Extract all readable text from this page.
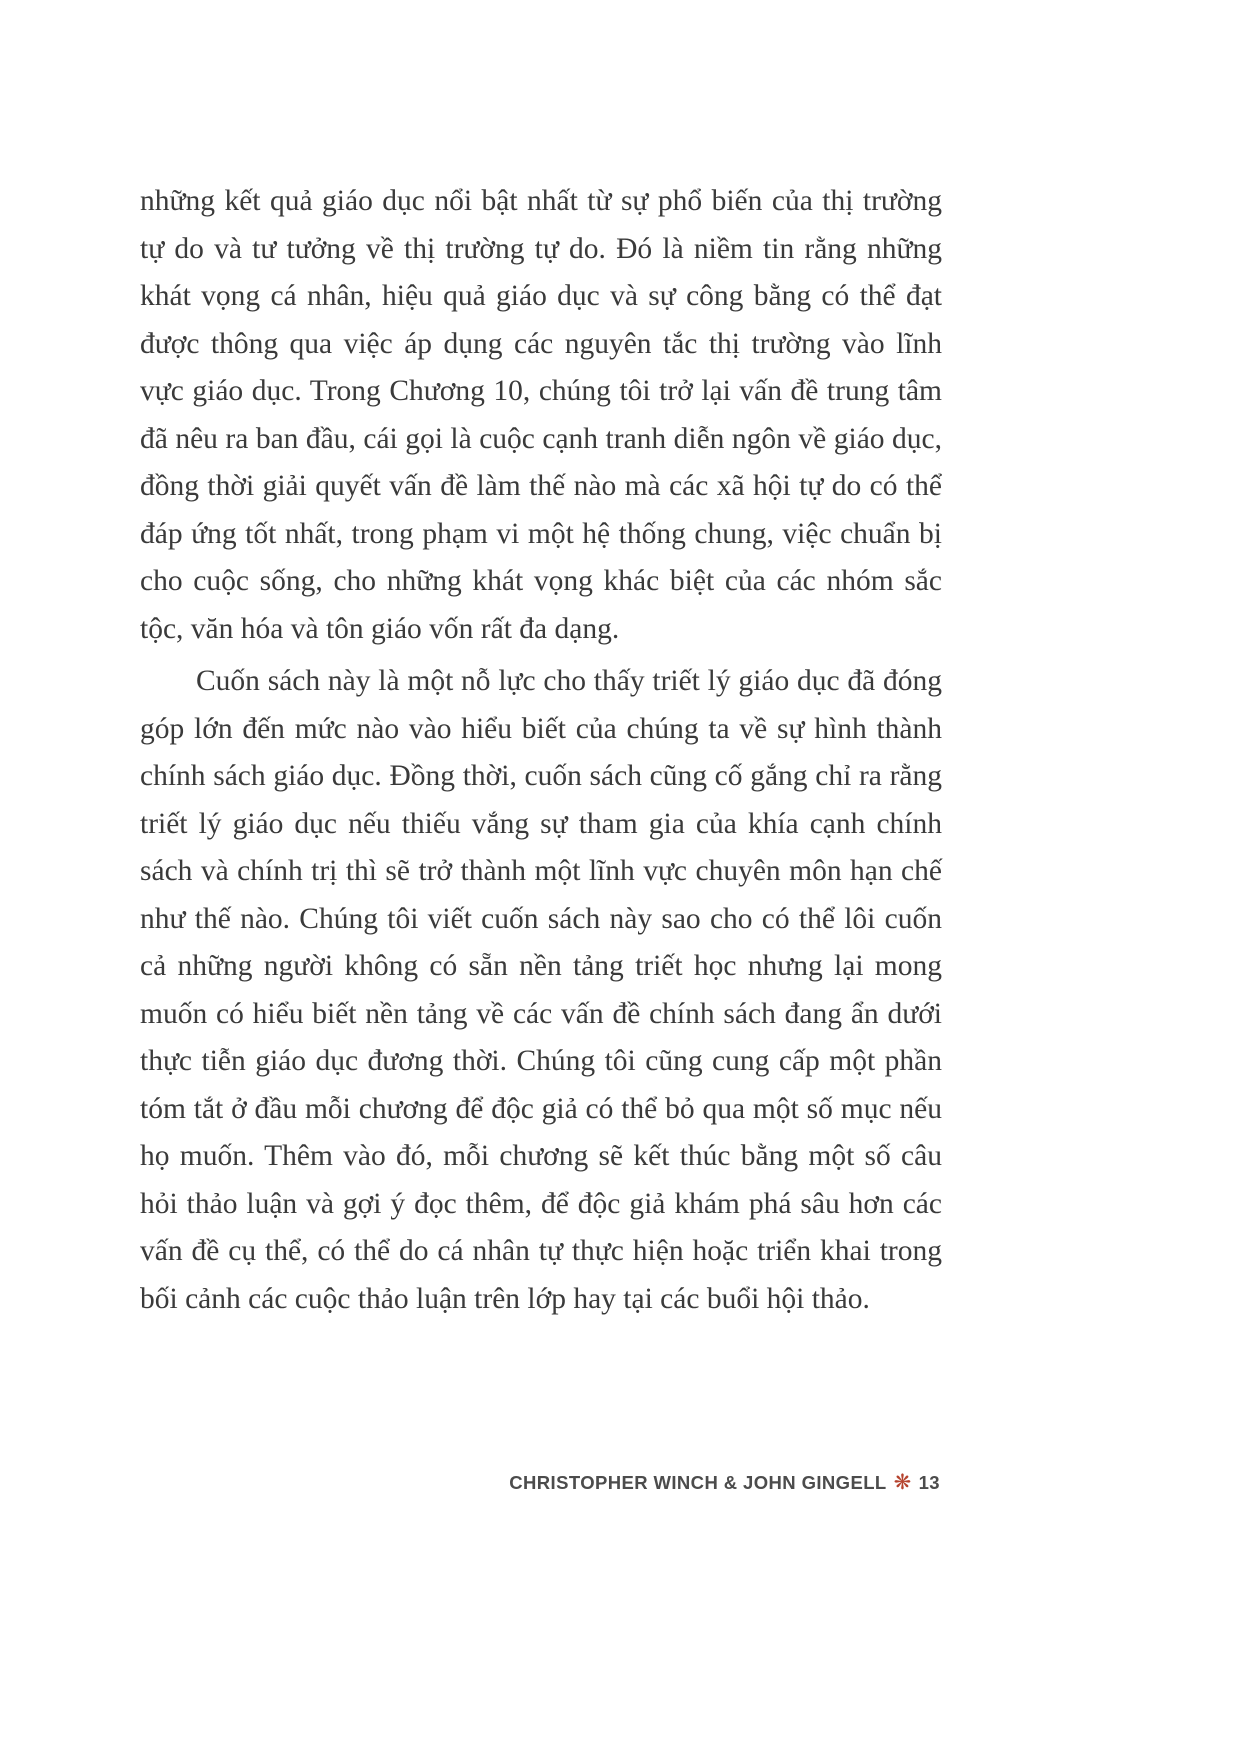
những kết quả giáo dục nổi bật nhất từ sự phổ biến của thị trường tự do và tư tưởng về thị trường tự do. Đó là niềm tin rằng những khát vọng cá nhân, hiệu quả giáo dục và sự công bằng có thể đạt được thông qua việc áp dụng các nguyên tắc thị trường vào lĩnh vực giáo dục. Trong Chương 10, chúng tôi trở lại vấn đề trung tâm đã nêu ra ban đầu, cái gọi là cuộc cạnh tranh diễn ngôn về giáo dục, đồng thời giải quyết vấn đề làm thế nào mà các xã hội tự do có thể đáp ứng tốt nhất, trong phạm vi một hệ thống chung, việc chuẩn bị cho cuộc sống, cho những khát vọng khác biệt của các nhóm sắc tộc, văn hóa và tôn giáo vốn rất đa dạng.

Cuốn sách này là một nỗ lực cho thấy triết lý giáo dục đã đóng góp lớn đến mức nào vào hiểu biết của chúng ta về sự hình thành chính sách giáo dục. Đồng thời, cuốn sách cũng cố gắng chỉ ra rằng triết lý giáo dục nếu thiếu vắng sự tham gia của khía cạnh chính sách và chính trị thì sẽ trở thành một lĩnh vực chuyên môn hạn chế như thế nào. Chúng tôi viết cuốn sách này sao cho có thể lôi cuốn cả những người không có sẵn nền tảng triết học nhưng lại mong muốn có hiểu biết nền tảng về các vấn đề chính sách đang ẩn dưới thực tiễn giáo dục đương thời. Chúng tôi cũng cung cấp một phần tóm tắt ở đầu mỗi chương để độc giả có thể bỏ qua một số mục nếu họ muốn. Thêm vào đó, mỗi chương sẽ kết thúc bằng một số câu hỏi thảo luận và gợi ý đọc thêm, để độc giả khám phá sâu hơn các vấn đề cụ thể, có thể do cá nhân tự thực hiện hoặc triển khai trong bối cảnh các cuộc thảo luận trên lớp hay tại các buổi hội thảo.

CHRISTOPHER WINCH & JOHN GINGELL ❋ 13
